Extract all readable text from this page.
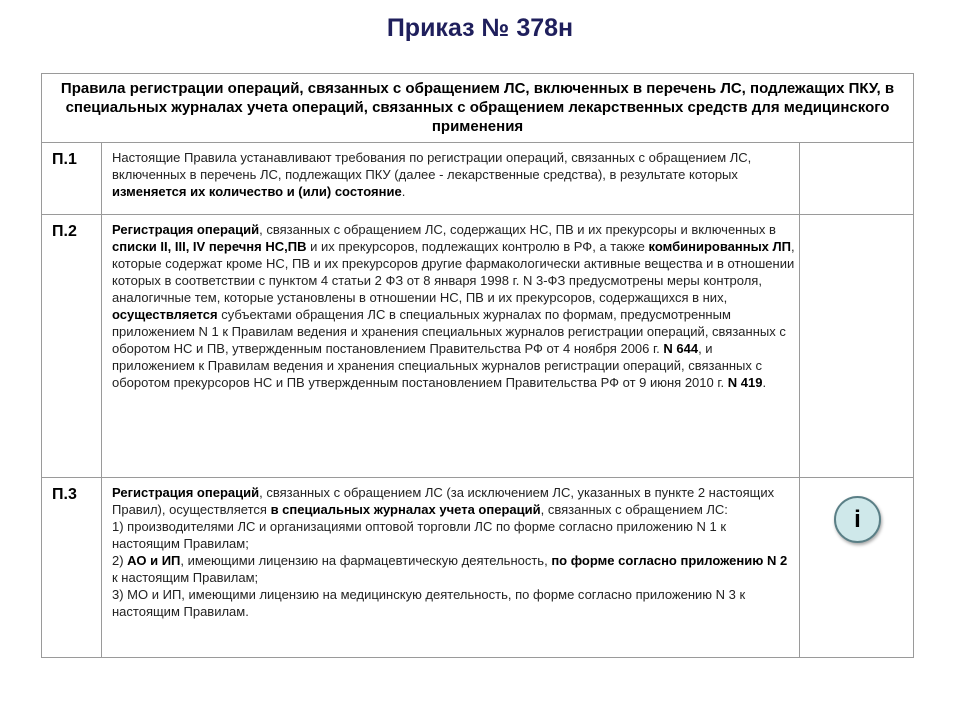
Приказ № 378н
Правила регистрации операций, связанных с обращением ЛС, включенных в перечень ЛС, подлежащих ПКУ, в специальных журналах учета операций, связанных с обращением лекарственных средств для медицинского применения		
П.1	Настоящие Правила устанавливают требования по регистрации операций, связанных с обращением ЛС, включенных в перечень ЛС, подлежащих ПКУ (далее - лекарственные средства), в результате которых изменяется их количество и (или) состояние.	
П.2	Регистрация операций, связанных с обращением ЛС, содержащих НС, ПВ и их прекурсоры и включенных в списки II, III, IV перечня НС,ПВ и их прекурсоров, подлежащих контролю в РФ, а также комбинированных ЛП, которые содержат кроме НС, ПВ и их прекурсоров другие фармакологически активные вещества и в отношении которых в соответствии с пунктом 4 статьи 2 ФЗ от 8 января 1998 г. N 3-ФЗ предусмотрены меры контроля, аналогичные тем, которые установлены в отношении НС, ПВ и их прекурсоров, содержащихся в них, осуществляется субъектами обращения ЛС в специальных журналах по формам, предусмотренным приложением N 1 к Правилам ведения и хранения специальных журналов регистрации операций, связанных с оборотом НС и ПВ, утвержденным постановлением Правительства РФ от 4 ноября 2006 г. N 644, и приложением к Правилам ведения и хранения специальных журналов регистрации операций, связанных с оборотом прекурсоров НС и ПВ утвержденным постановлением Правительства РФ от 9 июня 2010 г. N 419.	
П.3	Регистрация операций, связанных с обращением ЛС (за исключением ЛС, указанных в пункте 2 настоящих Правил), осуществляется в специальных журналах учета операций, связанных с обращением ЛС:
1) производителями ЛС и организациями оптовой торговли ЛС по форме согласно приложению N 1 к настоящим Правилам;
2) АО и ИП, имеющими лицензию на фармацевтическую деятельность, по форме согласно приложению N 2 к настоящим Правилам;
3) МО и ИП, имеющими лицензию на медицинскую деятельность, по форме согласно приложению N 3 к настоящим Правилам.	i
